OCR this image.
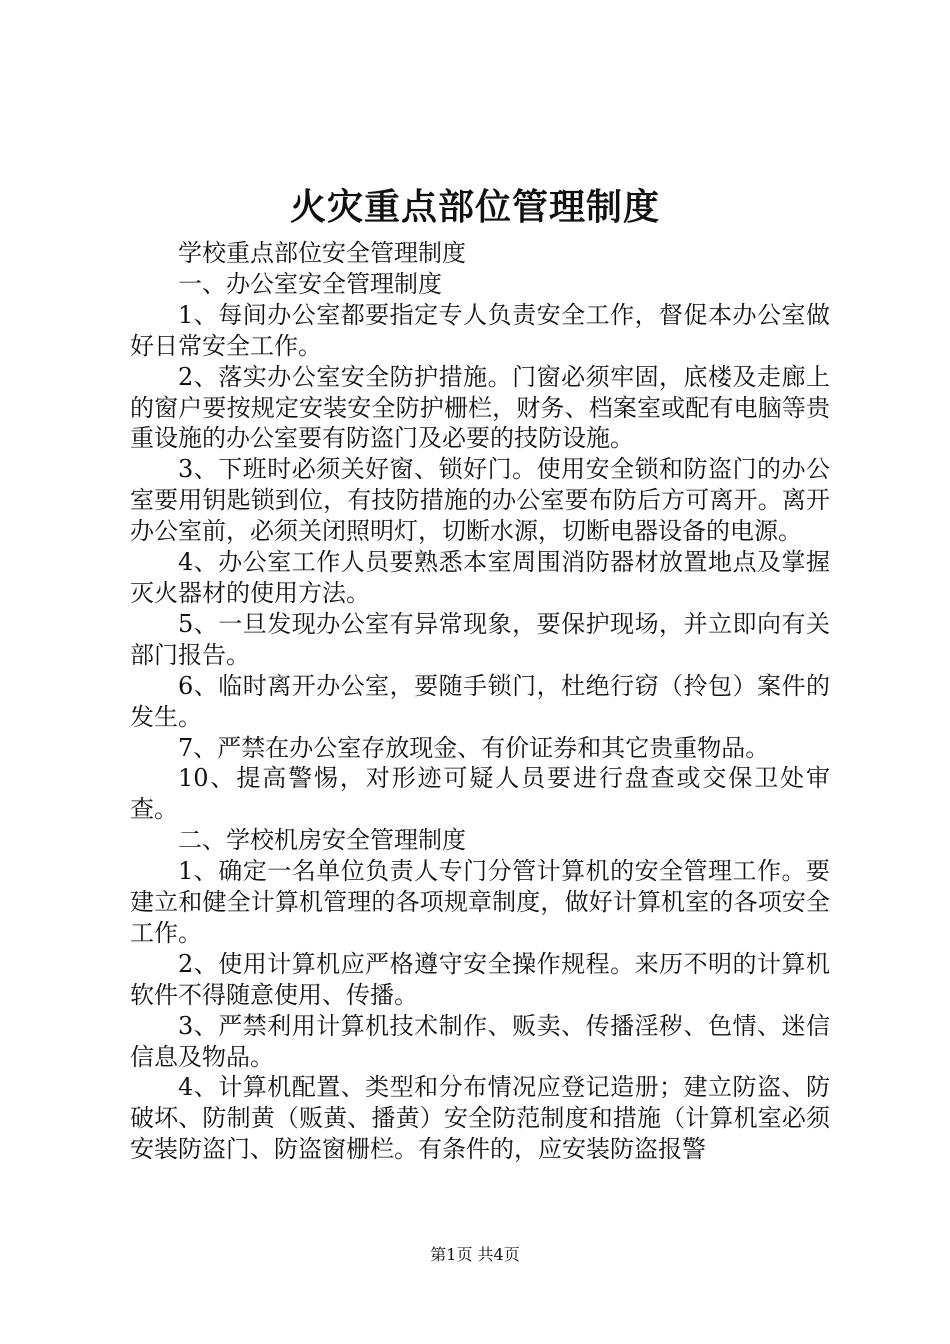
火灾重点部位管理制度

学校重点部位安全管理制度

一、办公室安全管理制度

1、每间办公室都要指定专人负责安全工作，督促本办公室做好日常安全工作。

2、落实办公室安全防护措施。门窗必须牢固，底楼及走廊上的窗户要按规定安装安全防护栅栏，财务、档案室或配有电脑等贵重设施的办公室要有防盗门及必要的技防设施。

3、下班时必须关好窗、锁好门。使用安全锁和防盗门的办公室要用钥匙锁到位，有技防措施的办公室要布防后方可离开。离开办公室前，必须关闭照明灯，切断水源，切断电器设备的电源。

4、办公室工作人员要熟悉本室周围消防器材放置地点及掌握灭火器材的使用方法。

5、一旦发现办公室有异常现象，要保护现场，并立即向有关部门报告。

6、临时离开办公室，要随手锁门，杜绝行窃（拎包）案件的发生。

7、严禁在办公室存放现金、有价证券和其它贵重物品。

10、提高警惕，对形迹可疑人员要进行盘查或交保卫处审查。

二、学校机房安全管理制度

1、确定一名单位负责人专门分管计算机的安全管理工作。要建立和健全计算机管理的各项规章制度，做好计算机室的各项安全工作。

2、使用计算机应严格遵守安全操作规程。来历不明的计算机软件不得随意使用、传播。

3、严禁利用计算机技术制作、贩卖、传播淫秽、色情、迷信信息及物品。

4、计算机配置、类型和分布情况应登记造册；建立防盗、防破坏、防制黄（贩黄、播黄）安全防范制度和措施（计算机室必须安装防盗门、防盗窗栅栏。有条件的，应安装防盗报警

第1页 共4页
